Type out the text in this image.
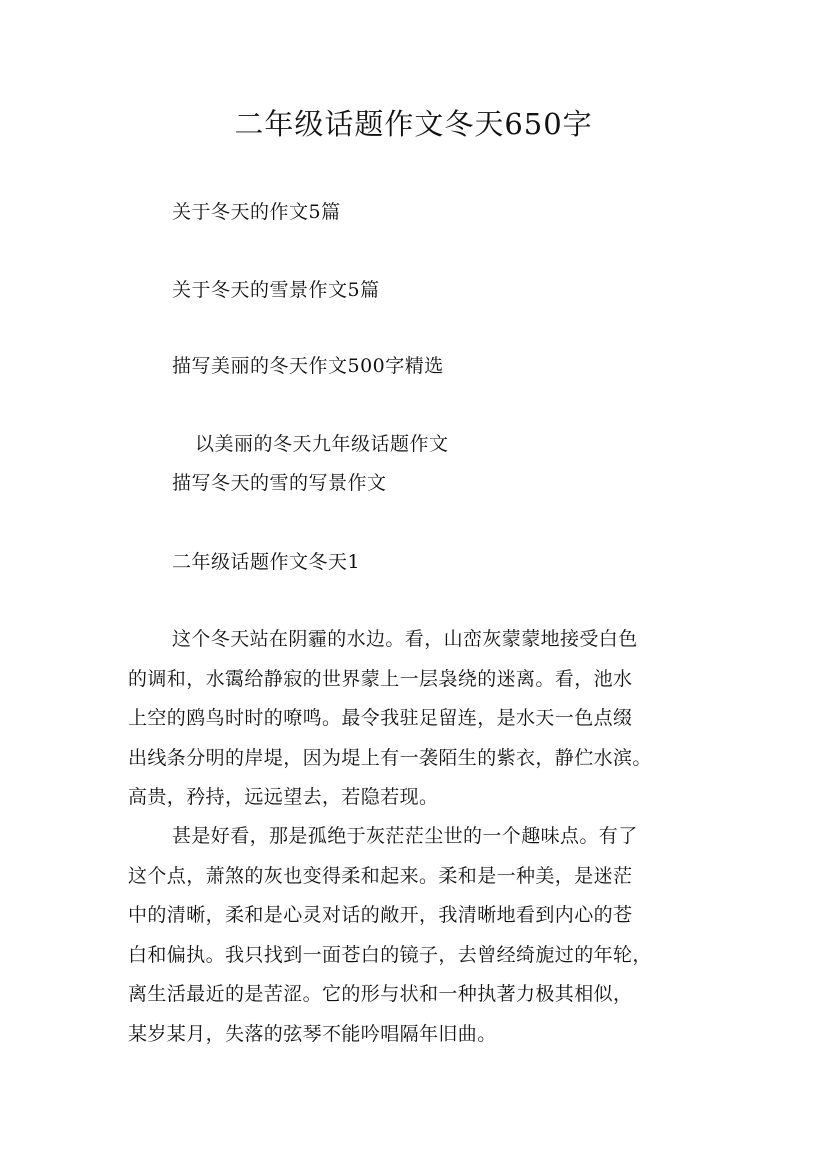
二年级话题作文冬天650字
关于冬天的作文5篇
关于冬天的雪景作文5篇
描写美丽的冬天作文500字精选
以美丽的冬天九年级话题作文
描写冬天的雪的写景作文
二年级话题作文冬天1
这个冬天站在阴霾的水边。看，山峦灰蒙蒙地接受白色
的调和，水霭给静寂的世界蒙上一层袅绕的迷离。看，池水
上空的鸥鸟时时的嘹鸣。最令我驻足留连，是水天一色点缀
出线条分明的岸堤，因为堤上有一袭陌生的紫衣，静伫水滨。
高贵，矜持，远远望去，若隐若现。
甚是好看，那是孤绝于灰茫茫尘世的一个趣味点。有了
这个点，萧煞的灰也变得柔和起来。柔和是一种美，是迷茫
中的清晰，柔和是心灵对话的敞开，我清晰地看到内心的苍
白和偏执。我只找到一面苍白的镜子，去曾经绮旎过的年轮，
离生活最近的是苦涩。它的形与状和一种执著力极其相似，
某岁某月，失落的弦琴不能吟唱隔年旧曲。
